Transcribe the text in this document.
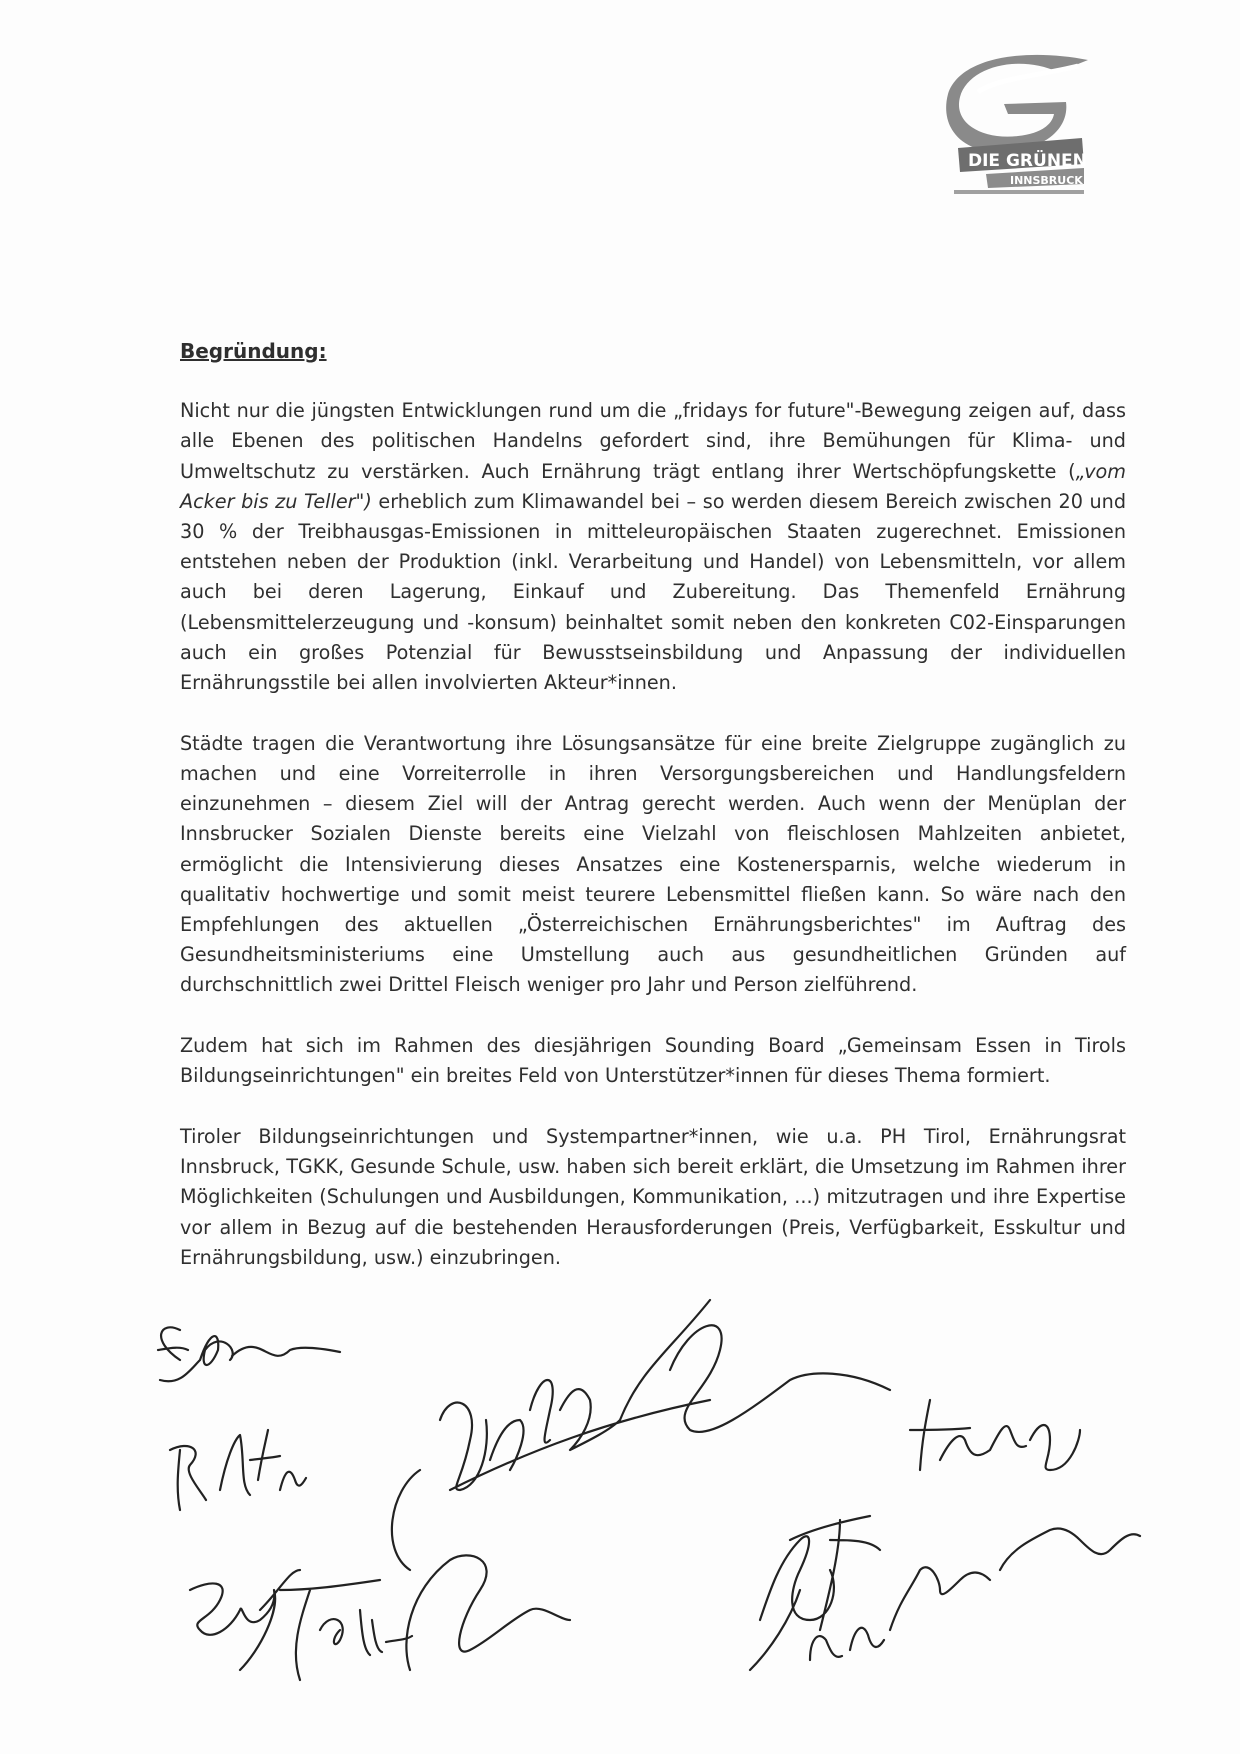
DIE GRÜNEN
INNSBRUCK
Begründung:

Nicht nur die jüngsten Entwicklungen rund um die „fridays for future"-Bewegung zeigen auf, dass alle Ebenen des politischen Handelns gefordert sind, ihre Bemühungen für Klima- und Umweltschutz zu verstärken. Auch Ernährung trägt entlang ihrer Wertschöpfungskette („vom Acker bis zu Teller") erheblich zum Klimawandel bei – so werden diesem Bereich zwischen 20 und 30 % der Treibhausgas-Emissionen in mitteleuropäischen Staaten zugerechnet. Emissionen entstehen neben der Produktion (inkl. Verarbeitung und Handel) von Lebensmitteln, vor allem auch bei deren Lagerung, Einkauf und Zubereitung. Das Themenfeld Ernährung (Lebensmittelerzeugung und -konsum) beinhaltet somit neben den konkreten C02-Einsparungen auch ein großes Potenzial für Bewusstseinsbildung und Anpassung der individuellen Ernährungsstile bei allen involvierten Akteur*innen.

Städte tragen die Verantwortung ihre Lösungsansätze für eine breite Zielgruppe zugänglich zu machen und eine Vorreiterrolle in ihren Versorgungsbereichen und Handlungsfeldern einzunehmen – diesem Ziel will der Antrag gerecht werden. Auch wenn der Menüplan der Innsbrucker Sozialen Dienste bereits eine Vielzahl von fleischlosen Mahlzeiten anbietet, ermöglicht die Intensivierung dieses Ansatzes eine Kostenersparnis, welche wiederum in qualitativ hochwertige und somit meist teurere Lebensmittel fließen kann. So wäre nach den Empfehlungen des aktuellen „Österreichischen Ernährungsberichtes" im Auftrag des Gesundheitsministeriums eine Umstellung auch aus gesundheitlichen Gründen auf durchschnittlich zwei Drittel Fleisch weniger pro Jahr und Person zielführend.

Zudem hat sich im Rahmen des diesjährigen Sounding Board „Gemeinsam Essen in Tirols Bildungseinrichtungen" ein breites Feld von Unterstützer*innen für dieses Thema formiert.

Tiroler Bildungseinrichtungen und Systempartner*innen, wie u.a. PH Tirol, Ernährungsrat Innsbruck, TGKK, Gesunde Schule, usw. haben sich bereit erklärt, die Umsetzung im Rahmen ihrer Möglichkeiten (Schulungen und Ausbildungen, Kommunikation, ...) mitzutragen und ihre Expertise vor allem in Bezug auf die bestehenden Herausforderungen (Preis, Verfügbarkeit, Esskultur und Ernährungsbildung, usw.) einzubringen.
